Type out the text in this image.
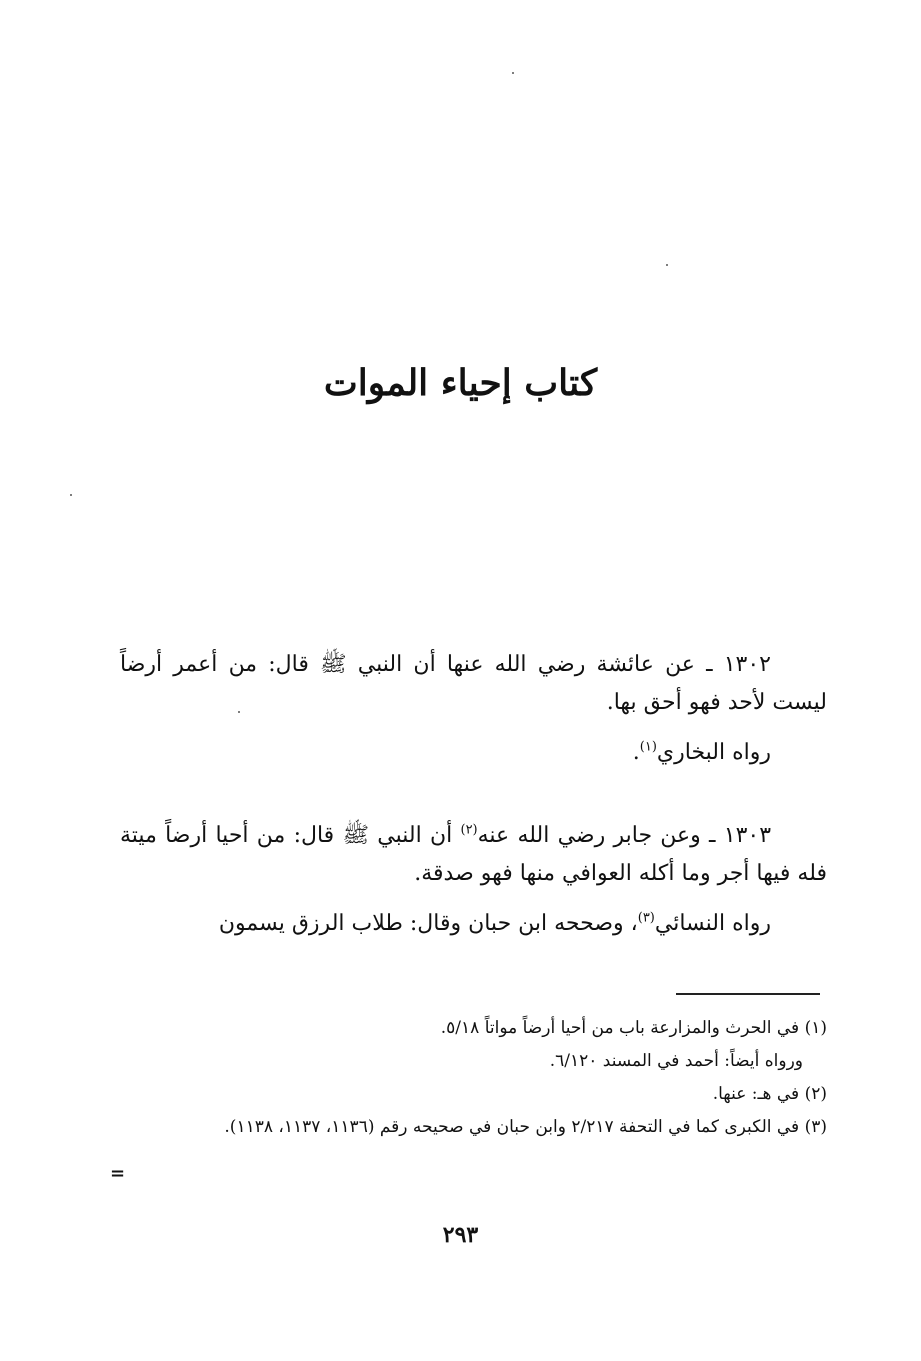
كتاب إحياء الموات

١٣٠٢ ـ عن عائشة رضي الله عنها أن النبي ﷺ قال: من أعمر أرضاً ليست لأحد فهو أحق بها.

رواه البخاري$^{(١)}$.

١٣٠٣ ـ وعن جابر رضي الله عنه$^{(٢)}$ أن النبي ﷺ قال: من أحيا أرضاً ميتة فله فيها أجر وما أكله العوافي منها فهو صدقة.

رواه النسائي$^{(٣)}$، وصححه ابن حبان وقال: طلاب الرزق يسمون

(١) في الحرث والمزارعة باب من أحيا أرضاً مواتاً ٥/١٨.

ورواه أيضاً: أحمد في المسند ٦/١٢٠.

(٢) في هـ: عنها.

(٣) في الكبرى كما في التحفة ٢/٢١٧ وابن حبان في صحيحه رقم (١١٣٦، ١١٣٧، ١١٣٨).

=
٢٩٣
